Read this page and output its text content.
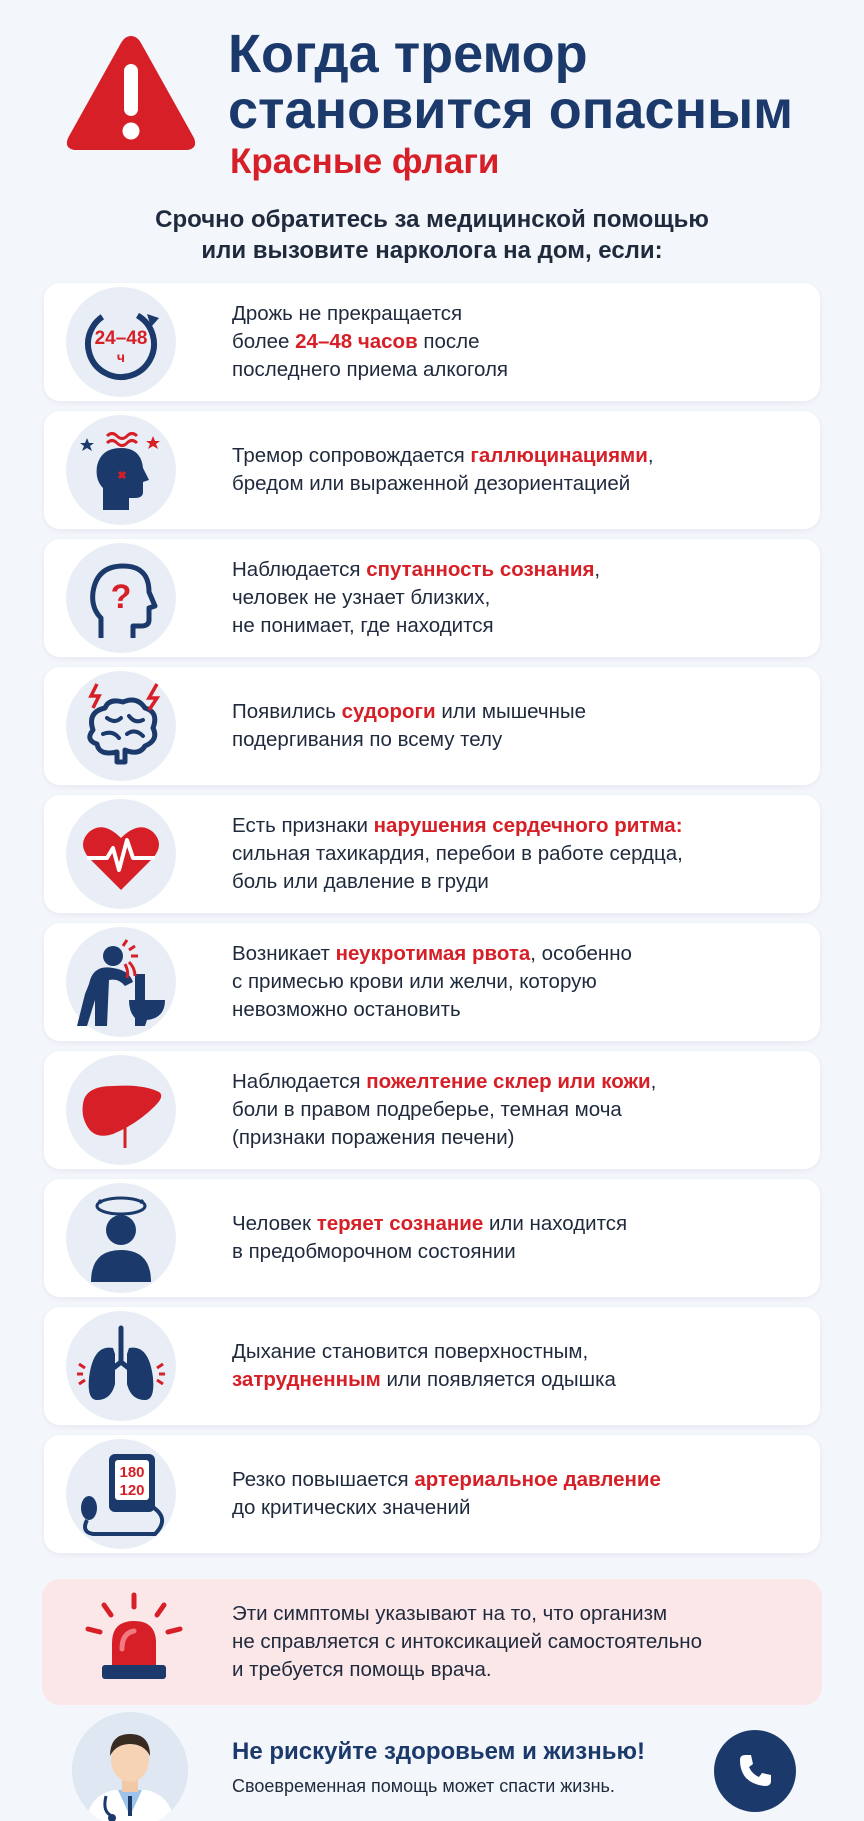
Когда тремор
становится опасным
Красные флаги
Срочно обратитесь за медицинской помощью
или вызовите нарколога на дом, если:
24–48
ч
Дрожь не прекращается
более 24–48 часов после
последнего приема алкоголя
Тремор сопровождается галлюцинациями,
бредом или выраженной дезориентацией
?
Наблюдается спутанность сознания,
человек не узнает близких,
не понимает, где находится
Появились судороги или мышечные
подергивания по всему телу
Есть признаки нарушения сердечного ритма:
сильная тахикардия, перебои в работе сердца,
боль или давление в груди
Возникает неукротимая рвота, особенно
с примесью крови или желчи, которую
невозможно остановить
Наблюдается пожелтение склер или кожи,
боли в правом подреберье, темная моча
(признаки поражения печени)
Человек теряет сознание или находится
в предобморочном состоянии
Дыхание становится поверхностным,
затрудненным или появляется одышка
180
120	Резко повышается артериальное давление
до критических значений
Эти симптомы указывают на то, что организм
не справляется с интоксикацией самостоятельно
и требуется помощь врача.
Не рискуйте здоровьем и жизнью!
Своевременная помощь может спасти жизнь.
